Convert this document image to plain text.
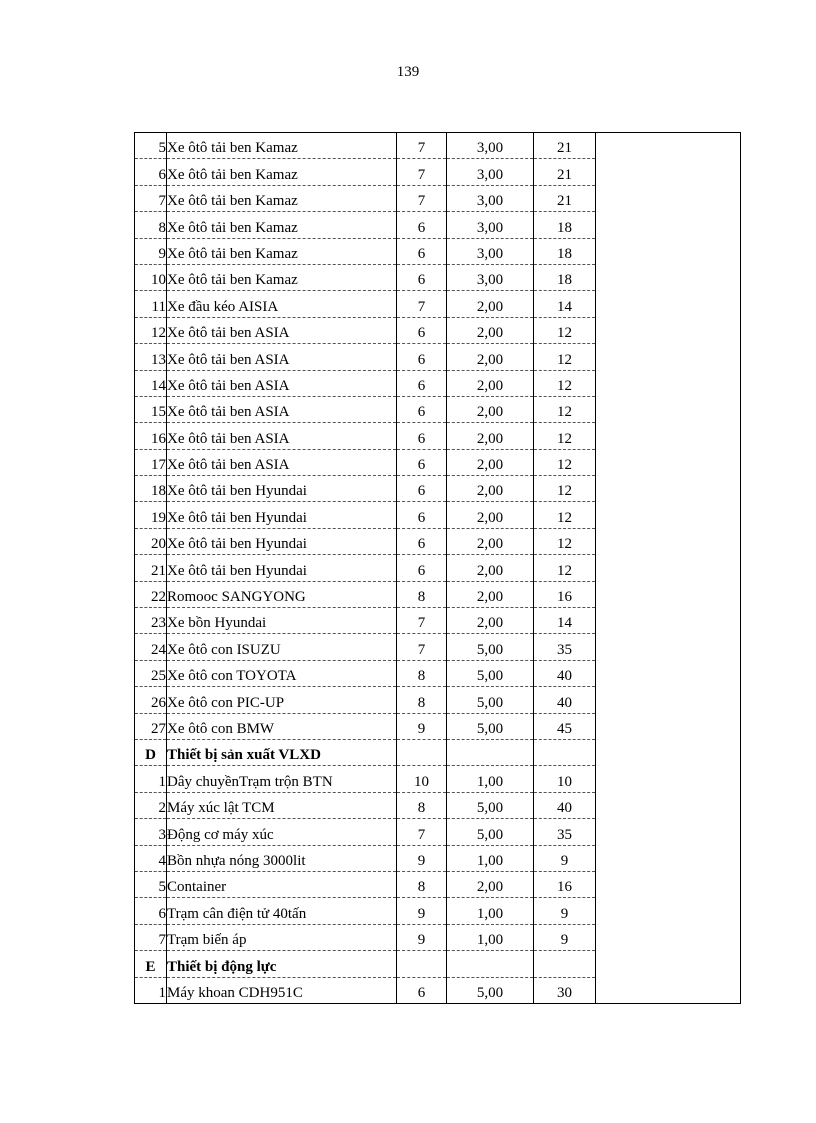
139
5	Xe ôtô tải ben Kamaz	7	3,00	21	
6	Xe ôtô tải ben Kamaz	7	3,00	21	
7	Xe ôtô tải ben Kamaz	7	3,00	21	
8	Xe ôtô tải ben Kamaz	6	3,00	18	
9	Xe ôtô tải ben Kamaz	6	3,00	18	
10	Xe ôtô tải ben Kamaz	6	3,00	18	
11	Xe đầu kéo AISIA	7	2,00	14	
12	Xe ôtô tải ben ASIA	6	2,00	12	
13	Xe ôtô tải ben ASIA	6	2,00	12	
14	Xe ôtô tải ben ASIA	6	2,00	12	
15	Xe ôtô tải ben ASIA	6	2,00	12	
16	Xe ôtô tải ben ASIA	6	2,00	12	
17	Xe ôtô tải ben ASIA	6	2,00	12	
18	Xe ôtô tải ben Hyundai	6	2,00	12	
19	Xe ôtô tải ben Hyundai	6	2,00	12	
20	Xe ôtô tải ben Hyundai	6	2,00	12	
21	Xe ôtô tải ben Hyundai	6	2,00	12	
22	Romooc SANGYONG	8	2,00	16	
23	Xe bồn Hyundai	7	2,00	14	
24	Xe ôtô con ISUZU	7	5,00	35	
25	Xe ôtô con TOYOTA	8	5,00	40	
26	Xe ôtô con PIC-UP	8	5,00	40	
27	Xe ôtô con BMW	9	5,00	45	
D	Thiết bị sản xuất VLXD				
1	Dây chuyềnTrạm trộn BTN	10	1,00	10	
2	Máy xúc lật TCM	8	5,00	40	
3	Động cơ máy xúc	7	5,00	35	
4	Bồn nhựa nóng 3000lit	9	1,00	9	
5	Container	8	2,00	16	
6	Trạm cân điện tử 40tấn	9	1,00	9	
7	Trạm biến áp	9	1,00	9	
E	Thiết bị động lực				
1	Máy khoan CDH951C	6	5,00	30	
